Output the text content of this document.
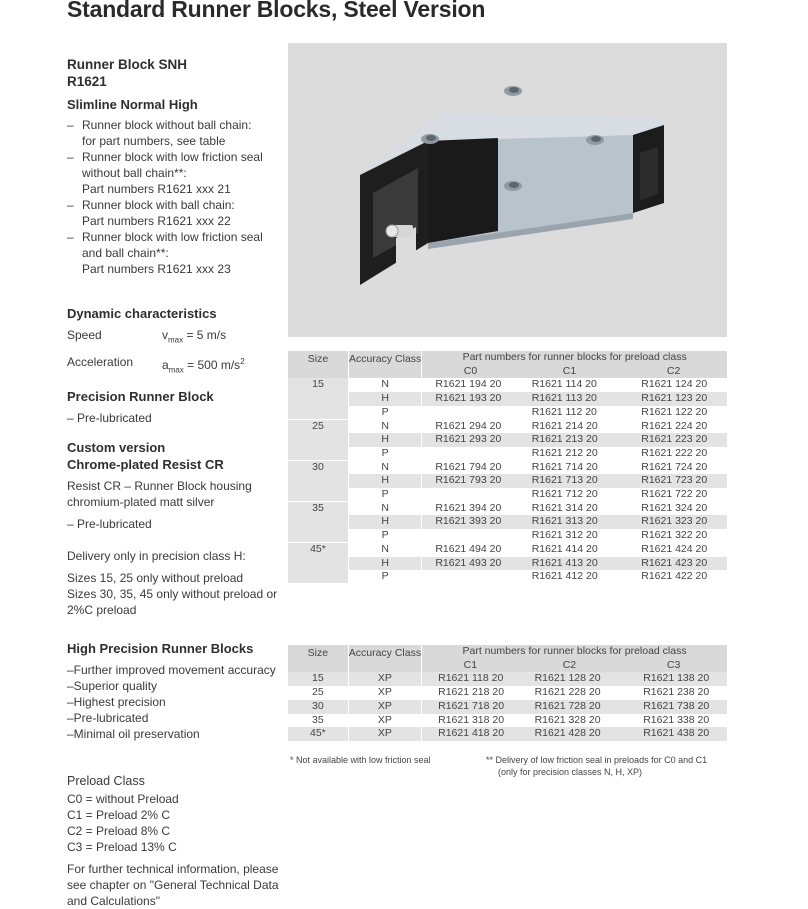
Standard Runner Blocks, Steel Version
Runner Block SNH
R1621
Slimline Normal High
– Runner block without ball chain:
for part numbers, see table
– Runner block with low friction seal
without ball chain**:
Part numbers R1621 xxx 21
– Runner block with ball chain:
Part numbers R1621 xxx 22
– Runner block with low friction seal
and ball chain**:
Part numbers R1621 xxx 23
Dynamic characteristics
Speed	$v_{max} = 5$ m/s
Acceleration	$a_{max} = 500$ $m/s^2$
Precision Runner Block
– Pre-lubricated
Custom version
Chrome-plated Resist CR
Resist CR – Runner Block housing
chromium-plated matt silver
– Pre-lubricated
Delivery only in precision class H:
Sizes 15, 25 only without preload
Sizes 30, 35, 45 only without preload or
2%C preload
High Precision Runner Blocks
–Further improved movement accuracy
–Superior quality
–Highest precision
–Pre-lubricated
–Minimal oil preservation
Preload Class
C0 = without Preload
C1 = Preload 2% C
C2 = Preload 8% C
C3 = Preload 13% C
For further technical information, please
see chapter on "General Technical Data
and Calculations"
Size	Accuracy Class	Part numbers for runner blocks for preload class		
		C0	C1	C2
15	N	R1621 194 20	R1621 114 20	R1621 124 20
	H	R1621 193 20	R1621 113 20	R1621 123 20
	P		R1621 112 20	R1621 122 20
25	N	R1621 294 20	R1621 214 20	R1621 224 20
	H	R1621 293 20	R1621 213 20	R1621 223 20
	P		R1621 212 20	R1621 222 20
30	N	R1621 794 20	R1621 714 20	R1621 724 20
	H	R1621 793 20	R1621 713 20	R1621 723 20
	P		R1621 712 20	R1621 722 20
35	N	R1621 394 20	R1621 314 20	R1621 324 20
	H	R1621 393 20	R1621 313 20	R1621 323 20
	P		R1621 312 20	R1621 322 20
45*	N	R1621 494 20	R1621 414 20	R1621 424 20
	H	R1621 493 20	R1621 413 20	R1621 423 20
	P		R1621 412 20	R1621 422 20
Size	Accuracy Class	Part numbers for runner blocks for preload class		
		C1	C2	C3
15	XP	R1621 118 20	R1621 128 20	R1621 138 20
25	XP	R1621 218 20	R1621 228 20	R1621 238 20
30	XP	R1621 718 20	R1621 728 20	R1621 738 20
35	XP	R1621 318 20	R1621 328 20	R1621 338 20
45*	XP	R1621 418 20	R1621 428 20	R1621 438 20
* Not available with low friction seal	** Delivery of low friction seal in preloads for C0 and C1
(only for precision classes N, H, XP)
